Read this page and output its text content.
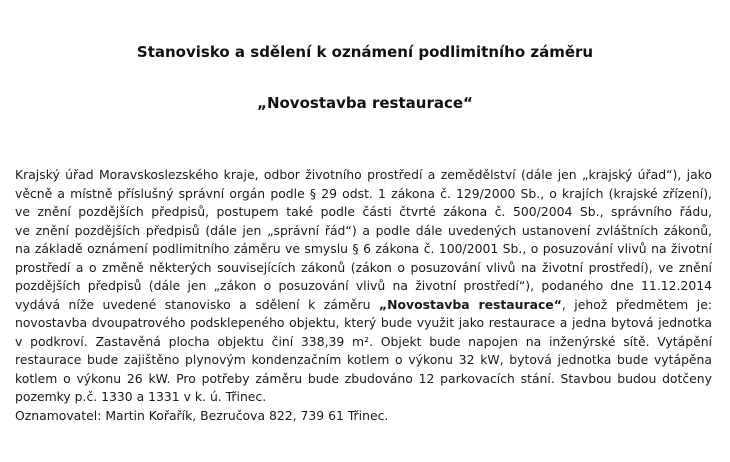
Stanovisko a sdělení k oznámení podlimitního záměru
„Novostavba restaurace“
Krajský úřad Moravskoslezského kraje, odbor životního prostředí a zemědělství (dále jen „krajský úřad“), jako
věcně a místně příslušný správní orgán podle § 29 odst. 1 zákona č. 129/2000 Sb., o krajích (krajské zřízení),
ve znění pozdějších předpisů, postupem také podle části čtvrté zákona č. 500/2004 Sb., správního řádu,
ve znění pozdějších předpisů (dále jen „správní řád“) a podle dále uvedených ustanovení zvláštních zákonů,
na základě oznámení podlimitního záměru ve smyslu § 6 zákona č. 100/2001 Sb., o posuzování vlivů na životní
prostředí a o změně některých souvisejících zákonů (zákon o posuzování vlivů na životní prostředí), ve znění
pozdějších předpisů (dále jen „zákon o posuzování vlivů na životní prostředí“), podaného dne 11.12.2014
vydává níže uvedené stanovisko a sdělení k záměru „Novostavba restaurace“, jehož předmětem je:
novostavba dvoupatrového podsklepeného objektu, který bude využit jako restaurace a jedna bytová jednotka
v podkroví. Zastavěná plocha objektu činí 338,39 m². Objekt bude napojen na inženýrské sítě. Vytápění
restaurace bude zajištěno plynovým kondenzačním kotlem o výkonu 32 kW, bytová jednotka bude vytápěna
kotlem o výkonu 26 kW. Pro potřeby záměru bude zbudováno 12 parkovacích stání. Stavbou budou dotčeny
pozemky p.č. 1330 a 1331 v k. ú. Třinec.
Oznamovatel: Martin Kořařík, Bezručova 822, 739 61 Třinec.
